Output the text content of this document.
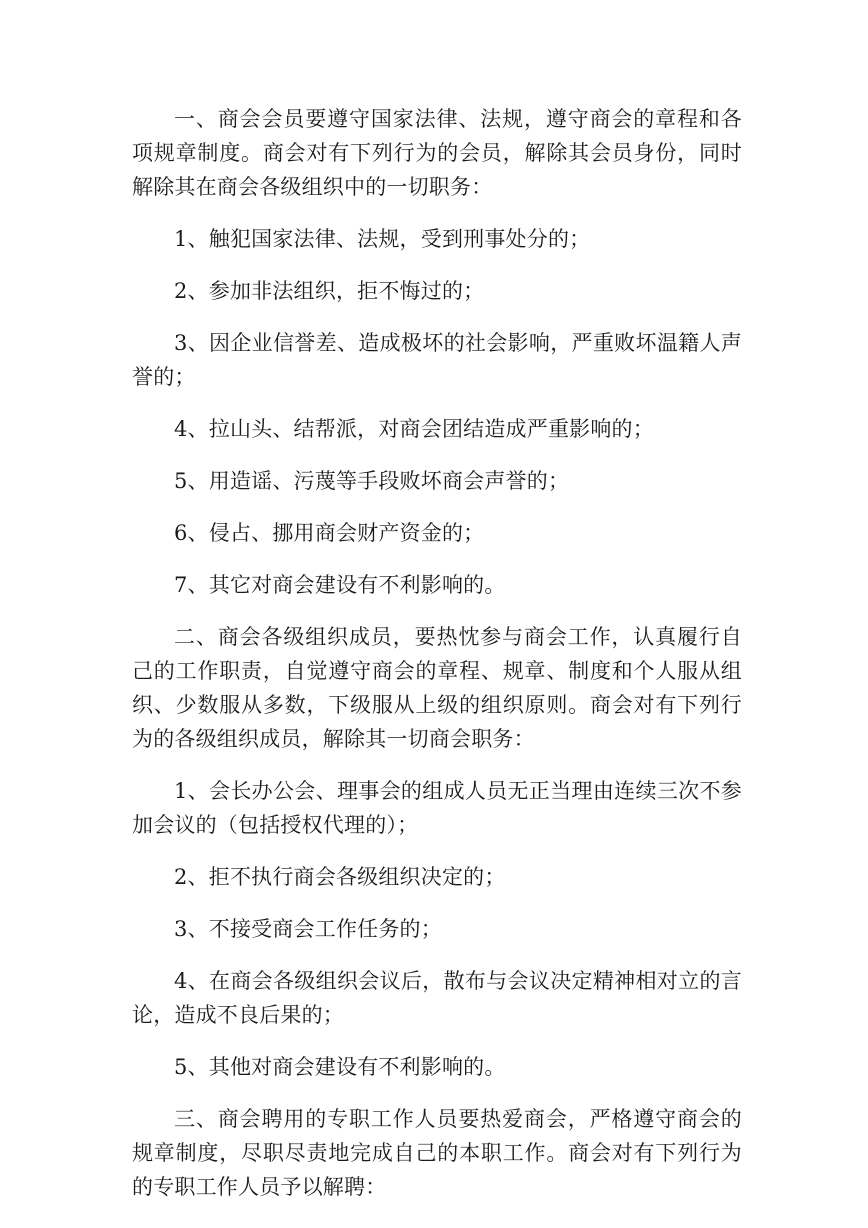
一、商会会员要遵守国家法律、法规，遵守商会的章程和各项规章制度。商会对有下列行为的会员，解除其会员身份，同时解除其在商会各级组织中的一切职务：

1、触犯国家法律、法规，受到刑事处分的；

2、参加非法组织，拒不悔过的；

3、因企业信誉差、造成极坏的社会影响，严重败坏温籍人声誉的；

4、拉山头、结帮派，对商会团结造成严重影响的；

5、用造谣、污蔑等手段败坏商会声誉的；

6、侵占、挪用商会财产资金的；

7、其它对商会建设有不利影响的。

二、商会各级组织成员，要热忱参与商会工作，认真履行自己的工作职责，自觉遵守商会的章程、规章、制度和个人服从组织、少数服从多数，下级服从上级的组织原则。商会对有下列行为的各级组织成员，解除其一切商会职务：

1、会长办公会、理事会的组成人员无正当理由连续三次不参加会议的（包括授权代理的）；

2、拒不执行商会各级组织决定的；

3、不接受商会工作任务的；

4、在商会各级组织会议后，散布与会议决定精神相对立的言论，造成不良后果的；

5、其他对商会建设有不利影响的。

三、商会聘用的专职工作人员要热爱商会，严格遵守商会的规章制度，尽职尽责地完成自己的本职工作。商会对有下列行为的专职工作人员予以解聘：
